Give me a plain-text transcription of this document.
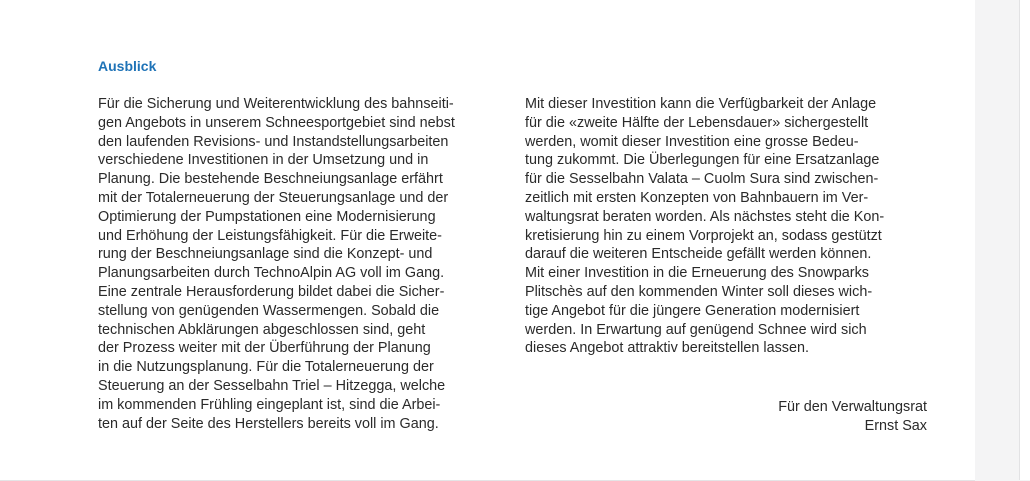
Ausblick

Für die Sicherung und Weiterentwicklung des bahnseiti-
gen Angebots in unserem Schneesportgebiet sind nebst
den laufenden Revisions- und Instandstellungsarbeiten
verschiedene Investitionen in der Umsetzung und in
Planung. Die bestehende Beschneiungsanlage erfährt
mit der Totalerneuerung der Steuerungsanlage und der
Optimierung der Pumpstationen eine Modernisierung
und Erhöhung der Leistungsfähigkeit. Für die Erweite-
rung der Beschneiungsanlage sind die Konzept- und
Planungsarbeiten durch TechnoAlpin AG voll im Gang.
Eine zentrale Herausforderung bildet dabei die Sicher-
stellung von genügenden Wassermengen. Sobald die
technischen Abklärungen abgeschlossen sind, geht
der Prozess weiter mit der Überführung der Planung
in die Nutzungsplanung. Für die Totalerneuerung der
Steuerung an der Sesselbahn Triel – Hitzegga, welche
im kommenden Frühling eingeplant ist, sind die Arbei-
ten auf der Seite des Herstellers bereits voll im Gang.

Mit dieser Investition kann die Verfügbarkeit der Anlage
für die «zweite Hälfte der Lebensdauer» sichergestellt
werden, womit dieser Investition eine grosse Bedeu-
tung zukommt. Die Überlegungen für eine Ersatzanlage
für die Sesselbahn Valata – Cuolm Sura sind zwischen-
zeitlich mit ersten Konzepten von Bahnbauern im Ver-
waltungsrat beraten worden. Als nächstes steht die Kon-
kretisierung hin zu einem Vorprojekt an, sodass gestützt
darauf die weiteren Entscheide gefällt werden können.
Mit einer Investition in die Erneuerung des Snowparks
Plitschès auf den kommenden Winter soll dieses wich-
tige Angebot für die jüngere Generation modernisiert
werden. In Erwartung auf genügend Schnee wird sich
dieses Angebot attraktiv bereitstellen lassen.

Für den Verwaltungsrat
Ernst Sax
